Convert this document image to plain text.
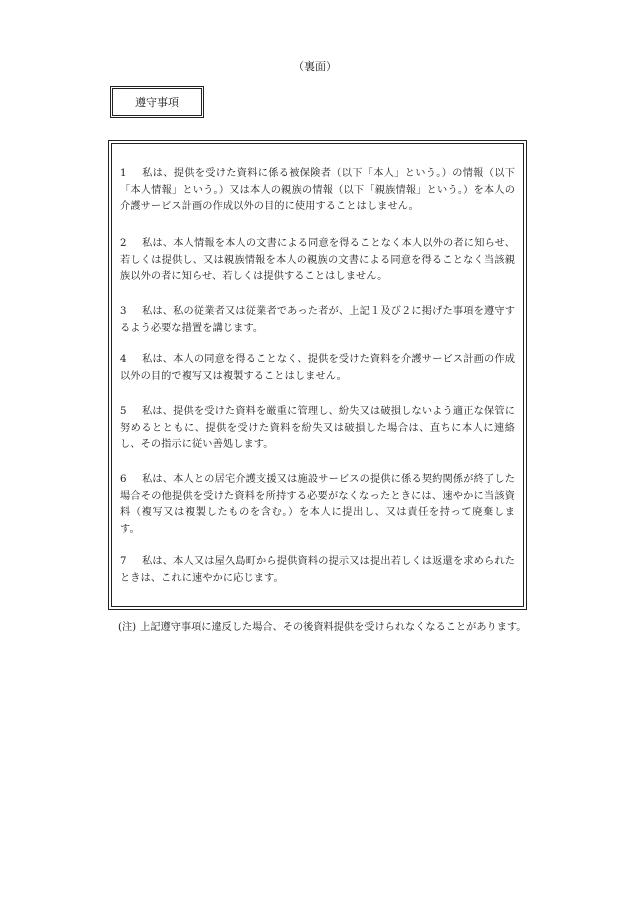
（裏面）
遵守事項
1 私は、提供を受けた資料に係る被保険者（以下「本人」という。）の情報（以下「本人情報」という。）又は本人の親族の情報（以下「親族情報」という。）を本人の介護サービス計画の作成以外の目的に使用することはしません。
2 私は、本人情報を本人の文書による同意を得ることなく本人以外の者に知らせ、若しくは提供し、又は親族情報を本人の親族の文書による同意を得ることなく当該親族以外の者に知らせ、若しくは提供することはしません。
3 私は、私の従業者又は従業者であった者が、上記１及び２に掲げた事項を遵守するよう必要な措置を講じます。
4 私は、本人の同意を得ることなく、提供を受けた資料を介護サービス計画の作成以外の目的で複写又は複製することはしません。
5 私は、提供を受けた資料を厳重に管理し、紛失又は破損しないよう適正な保管に努めるとともに、提供を受けた資料を紛失又は破損した場合は、直ちに本人に連絡し、その指示に従い善処します。
6 私は、本人との居宅介護支援又は施設サービスの提供に係る契約関係が終了した場合その他提供を受けた資料を所持する必要がなくなったときには、速やかに当該資料（複写又は複製したものを含む。）を本人に提出し、又は責任を持って廃棄します。
7 私は、本人又は屋久島町から提供資料の提示又は提出若しくは返還を求められたときは、これに速やかに応じます。
(注) 上記遵守事項に違反した場合、その後資料提供を受けられなくなることがあります。
